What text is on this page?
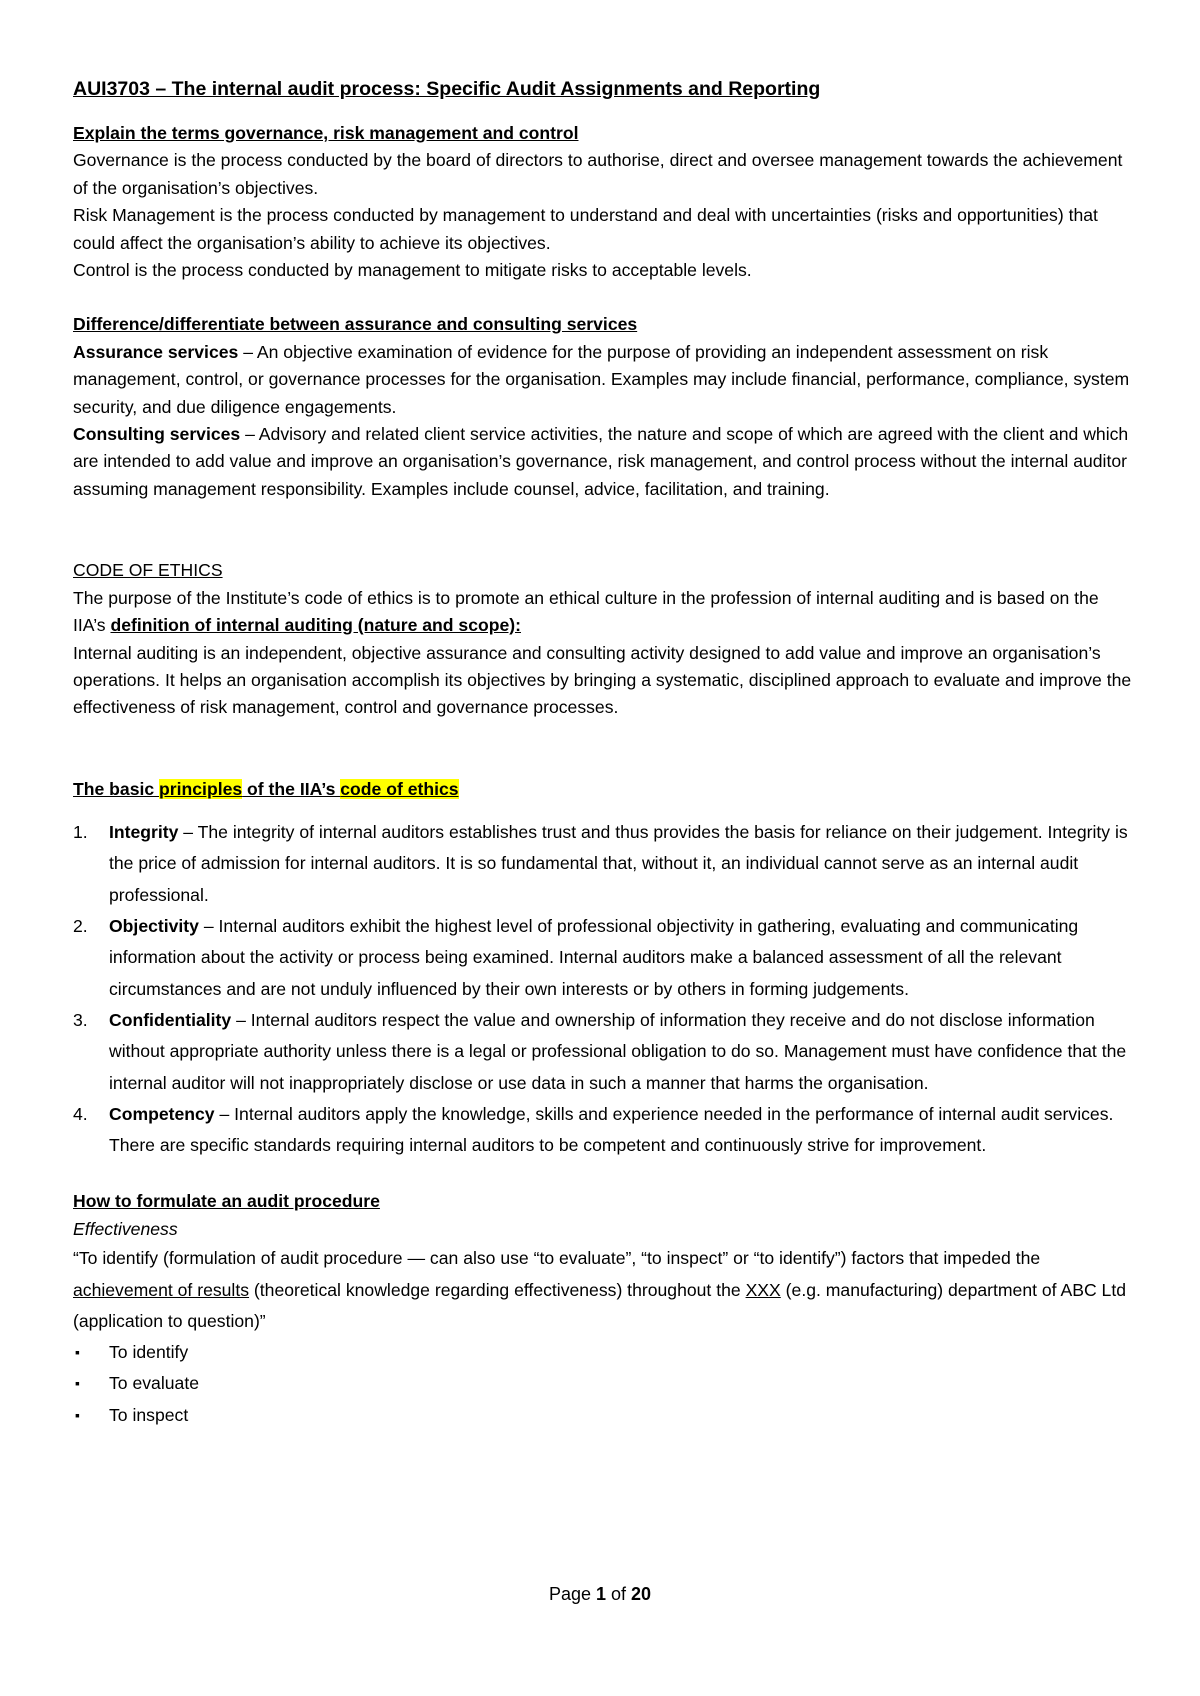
AUI3703 – The internal audit process: Specific Audit Assignments and Reporting

Explain the terms governance, risk management and control

Governance is the process conducted by the board of directors to authorise, direct and oversee management towards the achievement of the organisation’s objectives.

Risk Management is the process conducted by management to understand and deal with uncertainties (risks and opportunities) that could affect the organisation’s ability to achieve its objectives.

Control is the process conducted by management to mitigate risks to acceptable levels.

Difference/differentiate between assurance and consulting services

Assurance services – An objective examination of evidence for the purpose of providing an independent assessment on risk management, control, or governance processes for the organisation. Examples may include financial, performance, compliance, system security, and due diligence engagements.

Consulting services – Advisory and related client service activities, the nature and scope of which are agreed with the client and which are intended to add value and improve an organisation’s governance, risk management, and control process without the internal auditor assuming management responsibility. Examples include counsel, advice, facilitation, and training.

CODE OF ETHICS

The purpose of the Institute’s code of ethics is to promote an ethical culture in the profession of internal auditing and is based on the IIA’s definition of internal auditing (nature and scope):

Internal auditing is an independent, objective assurance and consulting activity designed to add value and improve an organisation’s operations. It helps an organisation accomplish its objectives by bringing a systematic, disciplined approach to evaluate and improve the effectiveness of risk management, control and governance processes.

The basic principles of the IIA’s code of ethics

1. Integrity – The integrity of internal auditors establishes trust and thus provides the basis for reliance on their judgement. Integrity is the price of admission for internal auditors. It is so fundamental that, without it, an individual cannot serve as an internal audit professional.
2. Objectivity – Internal auditors exhibit the highest level of professional objectivity in gathering, evaluating and communicating information about the activity or process being examined. Internal auditors make a balanced assessment of all the relevant circumstances and are not unduly influenced by their own interests or by others in forming judgements.
3. Confidentiality – Internal auditors respect the value and ownership of information they receive and do not disclose information without appropriate authority unless there is a legal or professional obligation to do so. Management must have confidence that the internal auditor will not inappropriately disclose or use data in such a manner that harms the organisation.
4. Competency – Internal auditors apply the knowledge, skills and experience needed in the performance of internal audit services. There are specific standards requiring internal auditors to be competent and continuously strive for improvement.

How to formulate an audit procedure

Effectiveness

“To identify (formulation of audit procedure — can also use “to evaluate”, “to inspect” or “to identify”) factors that impeded the achievement of results (theoretical knowledge regarding effectiveness) throughout the XXX (e.g. manufacturing) department of ABC Ltd (application to question)”

▪ To identify
▪ To evaluate
▪ To inspect
Page 1 of 20
